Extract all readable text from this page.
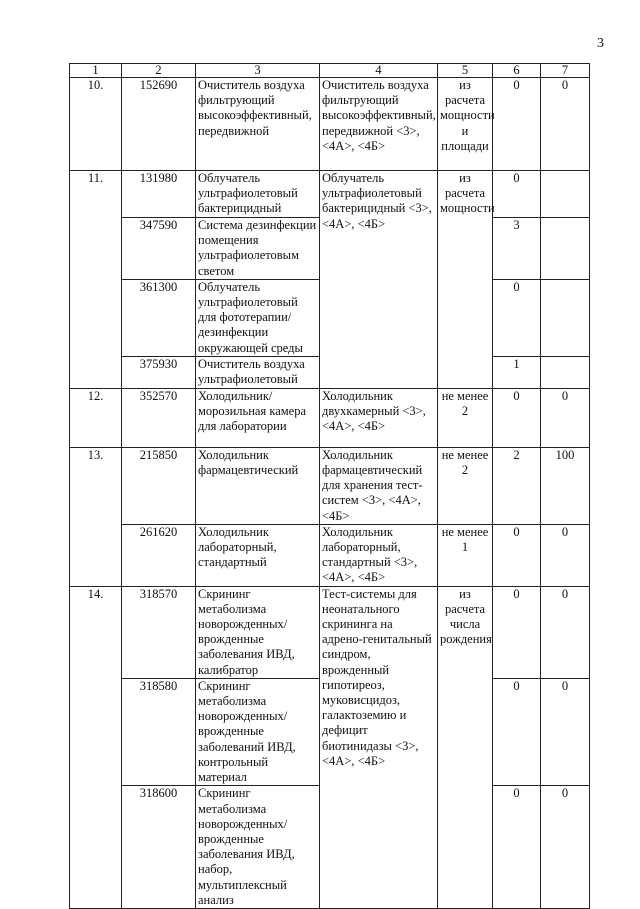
3
1	2	3	4	5	6	7
10.	152690	Очиститель воздуха фильтрующий высокоэффективный, передвижной	Очиститель воздуха фильтрующий высокоэффективный, передвижной <3>, <4А>, <4Б>	из расчета мощности и площади	0	0
11.	131980	Облучатель ультрафиолетовый бактерицидный	Облучатель ультрафиолетовый бактерицидный <3>, <4А>, <4Б>	из расчета мощности	0	
	347590	Система дезинфекции помещения ультрафиолетовым светом			3	
	361300	Облучатель ультрафиолетовый для фототерапии/дезинфекции окружающей среды			0	
	375930	Очиститель воздуха ультрафиолетовый			1	
12.	352570	Холодильник/морозильная камера для лаборатории	Холодильник двухкамерный <3>, <4А>, <4Б>	не менее 2	0	0
13.	215850	Холодильник фармацевтический	Холодильник фармацевтический для хранения тест-систем <3>, <4А>, <4Б>	не менее 2	2	100
	261620	Холодильник лабораторный, стандартный	Холодильник лабораторный, стандартный <3>, <4А>, <4Б>	не менее 1	0	0
14.	318570	Скрининг метаболизма новорожденных/врожденные заболевания ИВД, калибратор	Тест-системы для неонатального скрининга на адрено-генитальный синдром, врожденный гипотиреоз, муковисцидоз, галактоземию и дефицит биотинидазы <3>, <4А>, <4Б>	из расчета числа рождения	0	0
	318580	Скрининг метаболизма новорожденных/врожденные заболеваний ИВД, контрольный материал			0	0
	318600	Скрининг метаболизма новорожденных/врожденные заболевания ИВД, набор, мультиплексный анализ			0	0
